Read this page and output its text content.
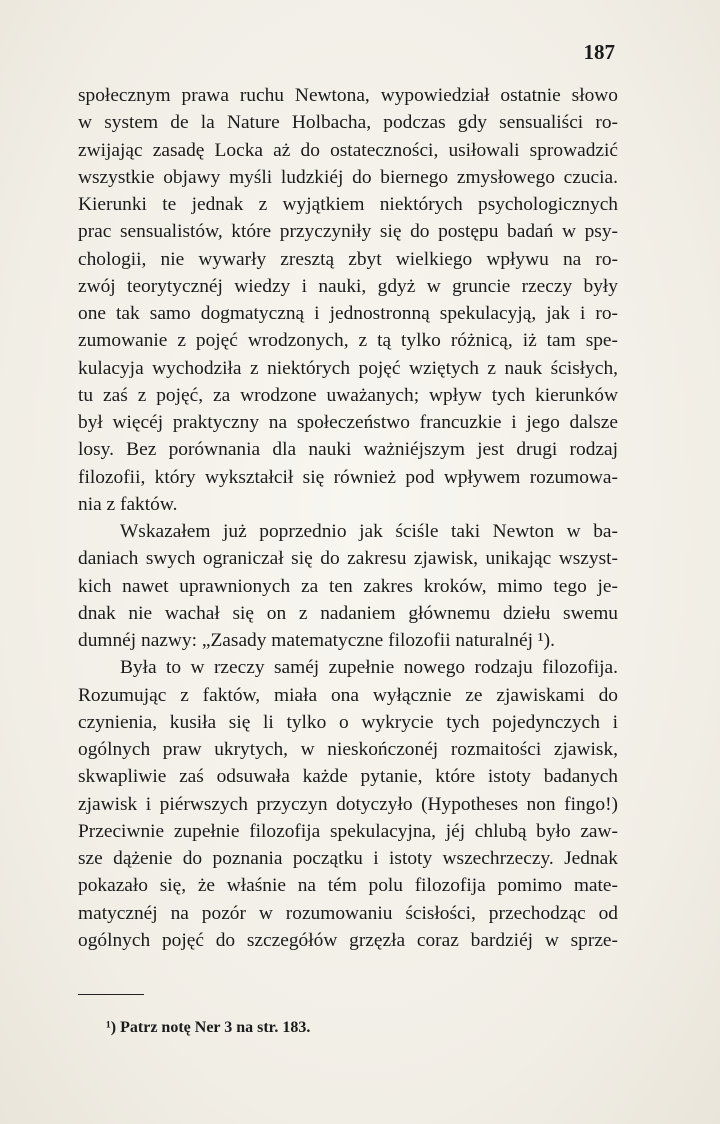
187
społecznym prawa ruchu Newtona, wypowiedział ostatnie słowo
w system de la Nature Holbacha, podczas gdy sensualiści ro-
zwijając zasadę Locka aż do ostateczności, usiłowali sprowadzić
wszystkie objawy myśli ludzkiéj do biernego zmysłowego czucia.
Kierunki te jednak z wyjątkiem niektórych psychologicznych
prac sensualistów, które przyczyniły się do postępu badań w psy-
chologii, nie wywarły zresztą zbyt wielkiego wpływu na ro-
zwój teorytycznéj wiedzy i nauki, gdyż w gruncie rzeczy były
one tak samo dogmatyczną i jednostronną spekulacyją, jak i ro-
zumowanie z pojęć wrodzonych, z tą tylko różnicą, iż tam spe-
kulacyja wychodziła z niektórych pojęć wziętych z nauk ścisłych,
tu zaś z pojęć, za wrodzone uważanych; wpływ tych kierunków
był więcéj praktyczny na społeczeństwo francuzkie i jego dalsze
losy. Bez porównania dla nauki ważniéjszym jest drugi rodzaj
filozofii, który wykształcił się również pod wpływem rozumowa-
nia z faktów.
Wskazałem już poprzednio jak ściśle taki Newton w ba-
daniach swych ograniczał się do zakresu zjawisk, unikając wszyst-
kich nawet uprawnionych za ten zakres kroków, mimo tego je-
dnak nie wachał się on z nadaniem głównemu dziełu swemu
dumnéj nazwy: „Zasady matematyczne filozofii naturalnéj ¹).
Była to w rzeczy saméj zupełnie nowego rodzaju filozofija.
Rozumując z faktów, miała ona wyłącznie ze zjawiskami do
czynienia, kusiła się li tylko o wykrycie tych pojedynczych i
ogólnych praw ukrytych, w nieskończonéj rozmaitości zjawisk,
skwapliwie zaś odsuwała każde pytanie, które istoty badanych
zjawisk i piérwszych przyczyn dotyczyło (Hypotheses non fingo!)
Przeciwnie zupełnie filozofija spekulacyjna, jéj chlubą było zaw-
sze dążenie do poznania początku i istoty wszechrzeczy. Jednak
pokazało się, że właśnie na tém polu filozofija pomimo mate-
matycznéj na pozór w rozumowaniu ścisłości, przechodząc od
ogólnych pojęć do szczegółów grzęzła coraz bardziéj w sprze-
¹) Patrz notę Ner 3 na str. 183.
